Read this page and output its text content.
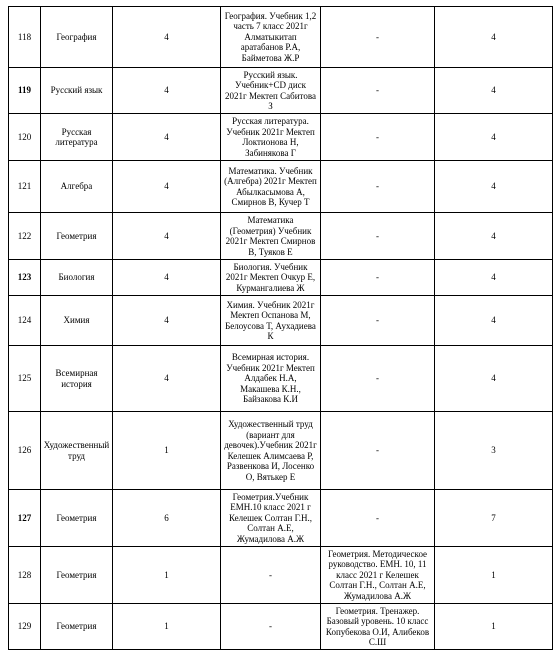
118	География	4	География. Учебник 1,2 часть 7 класс 2021г Алматыкитап аратабанов Р.А, Байметова Ж.Р	-	4
119	Русский язык	4	Русский язык. Учебник+CD диск 2021г Мектеп Сабитова З	-	4
120	Русская литература	4	Русская литература. Учебник 2021г Мектеп Локтионова Н, Забинякова Г	-	4
121	Алгебра	4	Математика. Учебник (Алгебра) 2021г Мектеп Абылкасымова А, Смирнов В, Кучер Т	-	4
122	Геометрия	4	Математика (Геометрия) Учебник 2021г Мектеп Смирнов В, Туяков Е	-	4
123	Биология	4	Биология. Учебник 2021г Мектеп Очкур Е, Курмангалиева Ж	-	4
124	Химия	4	Химия. Учебник 2021г Мектеп Оспанова М, Белоусова Т, Аухадиева К	-	4
125	Всемирная история	4	Всемирная история. Учебник 2021г Мектеп Алдабек Н.А, Макашева К.Н., Байзакова К.И	-	4
126	Художественный труд	1	Художественный труд (вариант для девочек).Учебник 2021г Келешек Алимсаева Р, Развенкова И, Лосенко О, Вятькер Е	-	3
127	Геометрия	6	Геометрия.Учебник ЕМН.10 класс 2021 г Келешек Солтан Г.Н., Солтан А.Е, Жумадилова А.Ж	-	7
128	Геометрия	1	-	Геометрия. Методическое руководство. ЕМН. 10, 11 класс 2021 г Келешек Солтан Г.Н., Солтан А.Е, Жумадилова А.Ж	1
129	Геометрия	1	-	Геометрия. Тренажер. Базовый уровень. 10 класс Копубекова О.И, Алибеков С.Ш	1
